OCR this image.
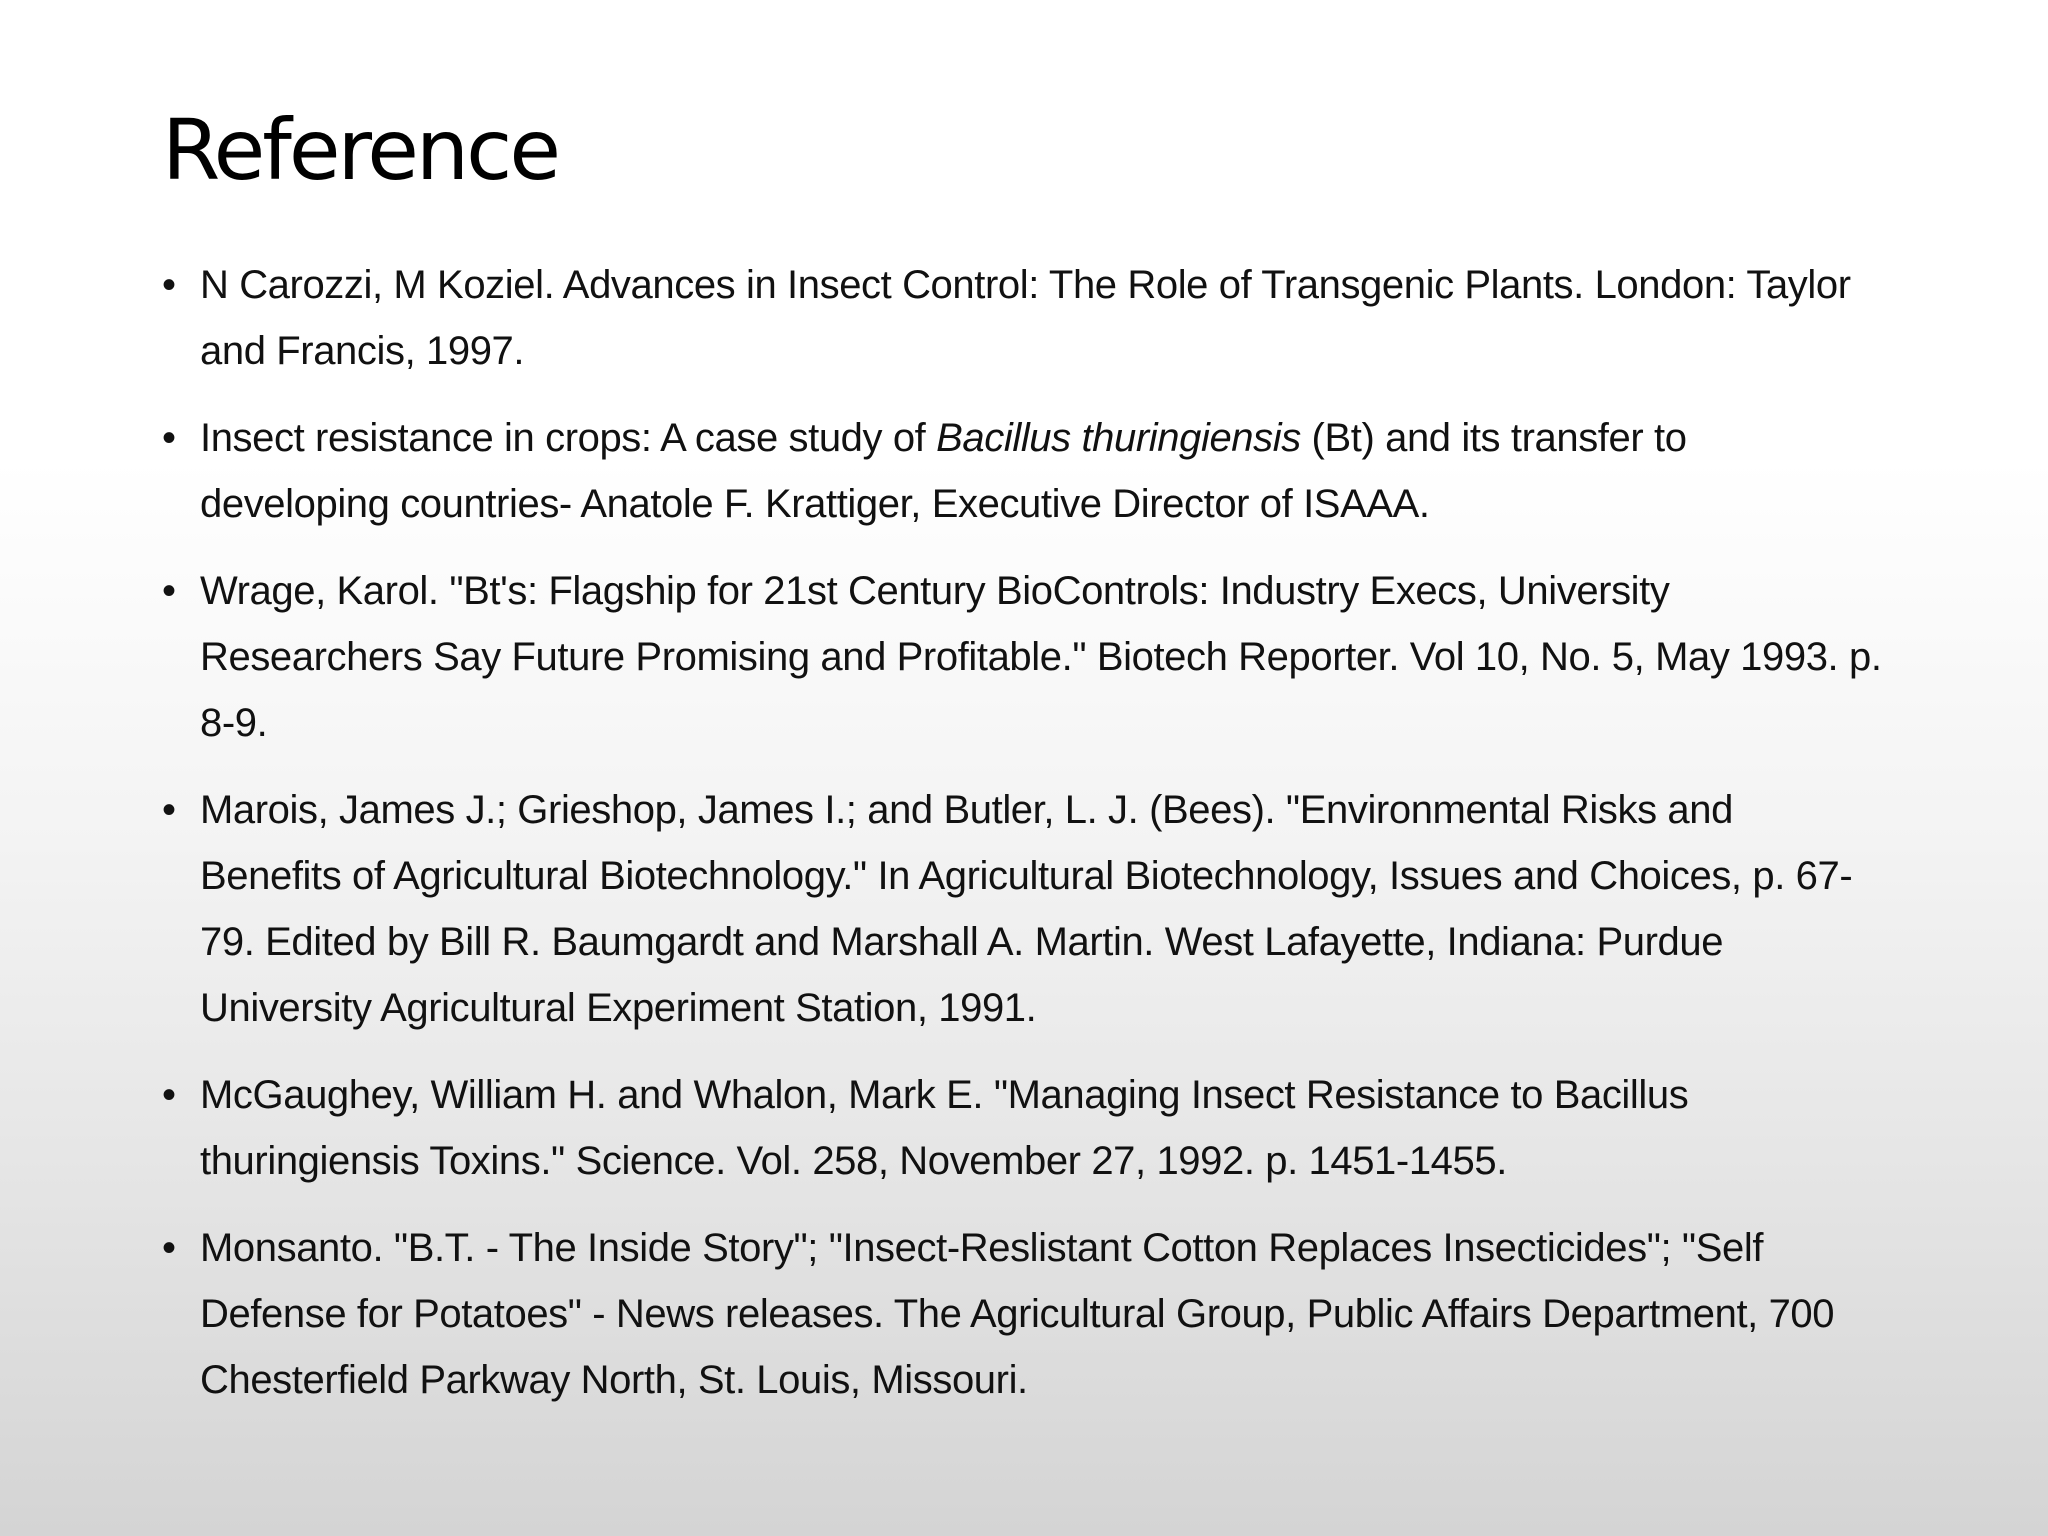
Reference
• N Carozzi, M Koziel. Advances in Insect Control: The Role of Transgenic Plants. London: Taylor and Francis, 1997.
• Insect resistance in crops: A case study of Bacillus thuringiensis (Bt) and its transfer to developing countries- Anatole F. Krattiger, Executive Director of ISAAA.
• Wrage, Karol. "Bt's: Flagship for 21st Century BioControls: Industry Execs, University Researchers Say Future Promising and Profitable." Biotech Reporter. Vol 10, No. 5, May 1993. p. 8-9.
• Marois, James J.; Grieshop, James I.; and Butler, L. J. (Bees). "Environmental Risks and Benefits of Agricultural Biotechnology." In Agricultural Biotechnology, Issues and Choices, p. 67-79. Edited by Bill R. Baumgardt and Marshall A. Martin. West Lafayette, Indiana: Purdue University Agricultural Experiment Station, 1991.
• McGaughey, William H. and Whalon, Mark E. "Managing Insect Resistance to Bacillus thuringiensis Toxins." Science. Vol. 258, November 27, 1992. p. 1451-1455.
• Monsanto. "B.T. - The Inside Story"; "Insect-Reslistant Cotton Replaces Insecticides"; "Self Defense for Potatoes" - News releases. The Agricultural Group, Public Affairs Department, 700 Chesterfield Parkway North, St. Louis, Missouri.
